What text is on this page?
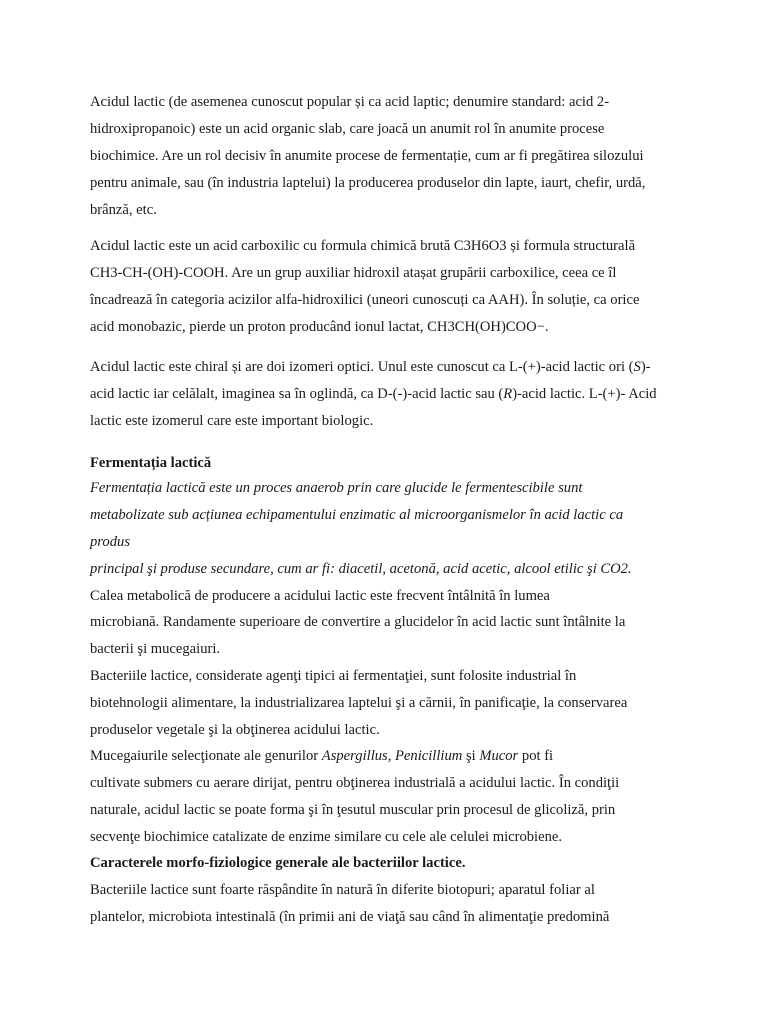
Acidul lactic (de asemenea cunoscut popular și ca acid laptic; denumire standard: acid 2-
hidroxipropanoic) este un acid organic slab, care joacă un anumit rol în anumite procese
biochimice. Are un rol decisiv în anumite procese de fermentație, cum ar fi pregătirea silozului
pentru animale, sau (în industria laptelui) la producerea produselor din lapte, iaurt, chefir, urdă,
brânză, etc.
Acidul lactic este un acid carboxilic cu formula chimică brută C3H6O3 și formula structurală
CH3-CH-(OH)-COOH. Are un grup auxiliar hidroxil atașat grupării carboxilice, ceea ce îl
încadrează în categoria acizilor alfa-hidroxilici (uneori cunoscuți ca AAH). În soluție, ca orice
acid monobazic, pierde un proton producând ionul lactat, CH3CH(OH)COO−.
Acidul lactic este chiral și are doi izomeri optici. Unul este cunoscut ca L-(+)-acid lactic ori (S)-
acid lactic iar celălalt, imaginea sa în oglindă, ca D-(-)-acid lactic sau (R)-acid lactic. L-(+)- Acid
lactic este izomerul care este important biologic.
Fermentația lactică
Fermentația lactică este un proces anaerob prin care glucide le fermentescibile sunt
metabolizate sub acțiunea echipamentului enzimatic al microorganismelor în acid lactic ca
produs
principal şi produse secundare, cum ar fi: diacetil, acetonă, acid acetic, alcool etilic şi CO2.
Calea metabolică de producere a acidului lactic este frecvent întâlnită în lumea
microbiană. Randamente superioare de convertire a glucidelor în acid lactic sunt întâlnite la
bacterii şi mucegaiuri.
Bacteriile lactice, considerate agenţi tipici ai fermentaţiei, sunt folosite industrial în
biotehnologii alimentare, la industrializarea laptelui şi a cărnii, în panificaţie, la conservarea
produselor vegetale şi la obţinerea acidului lactic.
Mucegaiurile selecţionate ale genurilor Aspergillus, Penicillium şi Mucor pot fi
cultivate submers cu aerare dirijat, pentru obţinerea industrială a acidului lactic. În condiţii
naturale, acidul lactic se poate forma şi în ţesutul muscular prin procesul de glicoliză, prin
secvenţe biochimice catalizate de enzime similare cu cele ale celulei microbiene.
Caracterele morfo-fiziologice generale ale bacteriilor lactice.
Bacteriile lactice sunt foarte răspândite în natură în diferite biotopuri; aparatul foliar al
plantelor, microbiota intestinală (în primii ani de viaţă sau când în alimentaţie predomină
